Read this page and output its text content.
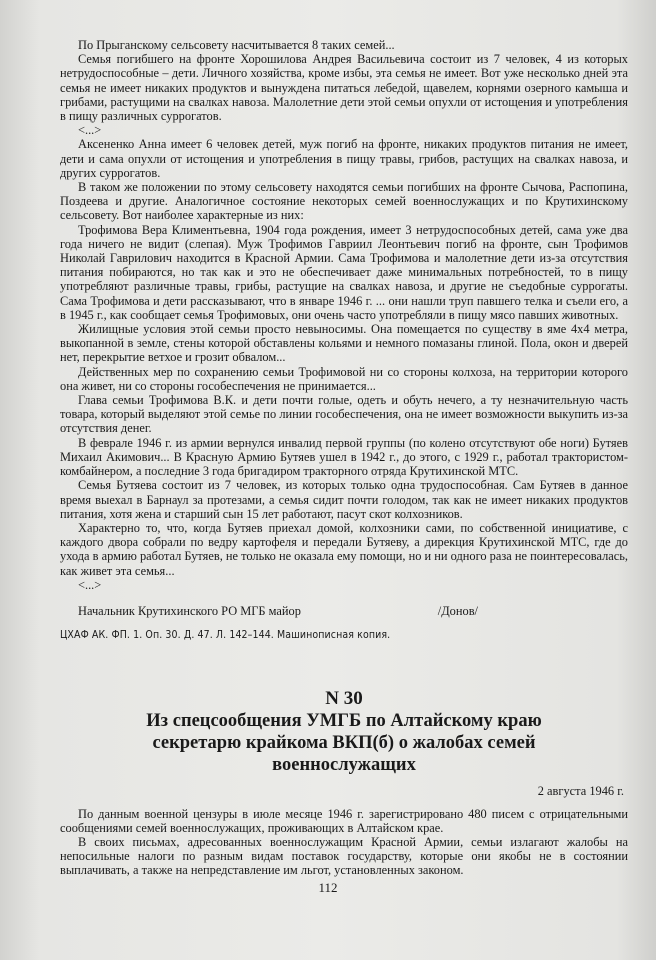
По Прыганскому сельсовету насчитывается 8 таких семей...

Семья погибшего на фронте Хорошилова Андрея Васильевича состоит из 7 человек, 4 из которых нетрудоспособные – дети. Личного хозяйства, кроме избы, эта семья не имеет. Вот уже несколько дней эта семья не имеет никаких продуктов и вынуждена питаться лебедой, щавелем, корнями озерного камыша и грибами, растущими на свалках навоза. Малолетние дети этой семьи опухли от истощения и употребления в пищу различных суррогатов.

<...>

Аксененко Анна имеет 6 человек детей, муж погиб на фронте, никаких продуктов питания не имеет, дети и сама опухли от истощения и употребления в пищу травы, грибов, растущих на свалках навоза, и других суррогатов.

В таком же положении по этому сельсовету находятся семьи погибших на фронте Сычова, Распопина, Поздеева и другие. Аналогичное состояние некоторых семей военнослужащих и по Крутихинскому сельсовету. Вот наиболее характерные из них:

Трофимова Вера Климентьевна, 1904 года рождения, имеет 3 нетрудоспособных детей, сама уже два года ничего не видит (слепая). Муж Трофимов Гавриил Леонтьевич погиб на фронте, сын Трофимов Николай Гаврилович находится в Красной Армии. Сама Трофимова и малолетние дети из-за отсутствия питания побираются, но так как и это не обеспечивает даже минимальных потребностей, то в пищу употребляют различные травы, грибы, растущие на свалках навоза, и другие не съедобные суррогаты. Сама Трофимова и дети рассказывают, что в январе 1946 г. ... они нашли труп павшего телка и съели его, а в 1945 г., как сообщает семья Трофимовых, они очень часто употребляли в пищу мясо павших животных.

Жилищные условия этой семьи просто невыносимы. Она помещается по существу в яме 4х4 метра, выкопанной в земле, стены которой обставлены кольями и немного помазаны глиной. Пола, окон и дверей нет, перекрытие ветхое и грозит обвалом...

Действенных мер по сохранению семьи Трофимовой ни со стороны колхоза, на территории которого она живет, ни со стороны гособеспечения не принимается...

Глава семьи Трофимова В.К. и дети почти голые, одеть и обуть нечего, а ту незначительную часть товара, который выделяют этой семье по линии гособеспечения, она не имеет возможности выкупить из-за отсутствия денег.

В феврале 1946 г. из армии вернулся инвалид первой группы (по колено отсутствуют обе ноги) Бутяев Михаил Акимович... В Красную Армию Бутяев ушел в 1942 г., до этого, с 1929 г., работал трактористом-комбайнером, а последние 3 года бригадиром тракторного отряда Крутихинской МТС.

Семья Бутяева состоит из 7 человек, из которых только одна трудоспособная. Сам Бутяев в данное время выехал в Барнаул за протезами, а семья сидит почти голодом, так как не имеет никаких продуктов питания, хотя жена и старший сын 15 лет работают, пасут скот колхозников.

Характерно то, что, когда Бутяев приехал домой, колхозники сами, по собственной инициативе, с каждого двора собрали по ведру картофеля и передали Бутяеву, а дирекция Крутихинской МТС, где до ухода в армию работал Бутяев, не только не оказала ему помощи, но и ни одного раза не поинтересовалась, как живет эта семья...

<...>

Начальник Крутихинского РО МГБ майор	/Донов/
ЦХАФ АК. ФП. 1. Оп. 30. Д. 47. Л. 142–144. Машинописная копия.
N 30
Из спецсообщения УМГБ по Алтайскому краю секретарю крайкома ВКП(б) о жалобах семей военнослужащих
2 августа 1946 г.

По данным военной цензуры в июле месяце 1946 г. зарегистрировано 480 писем с отрицательными сообщениями семей военнослужащих, проживающих в Алтайском крае.

В своих письмах, адресованных военнослужащим Красной Армии, семьи излагают жалобы на непосильные налоги по разным видам поставок государству, которые они якобы не в состоянии выплачивать, а также на непредставление им льгот, установленных законом.

112
